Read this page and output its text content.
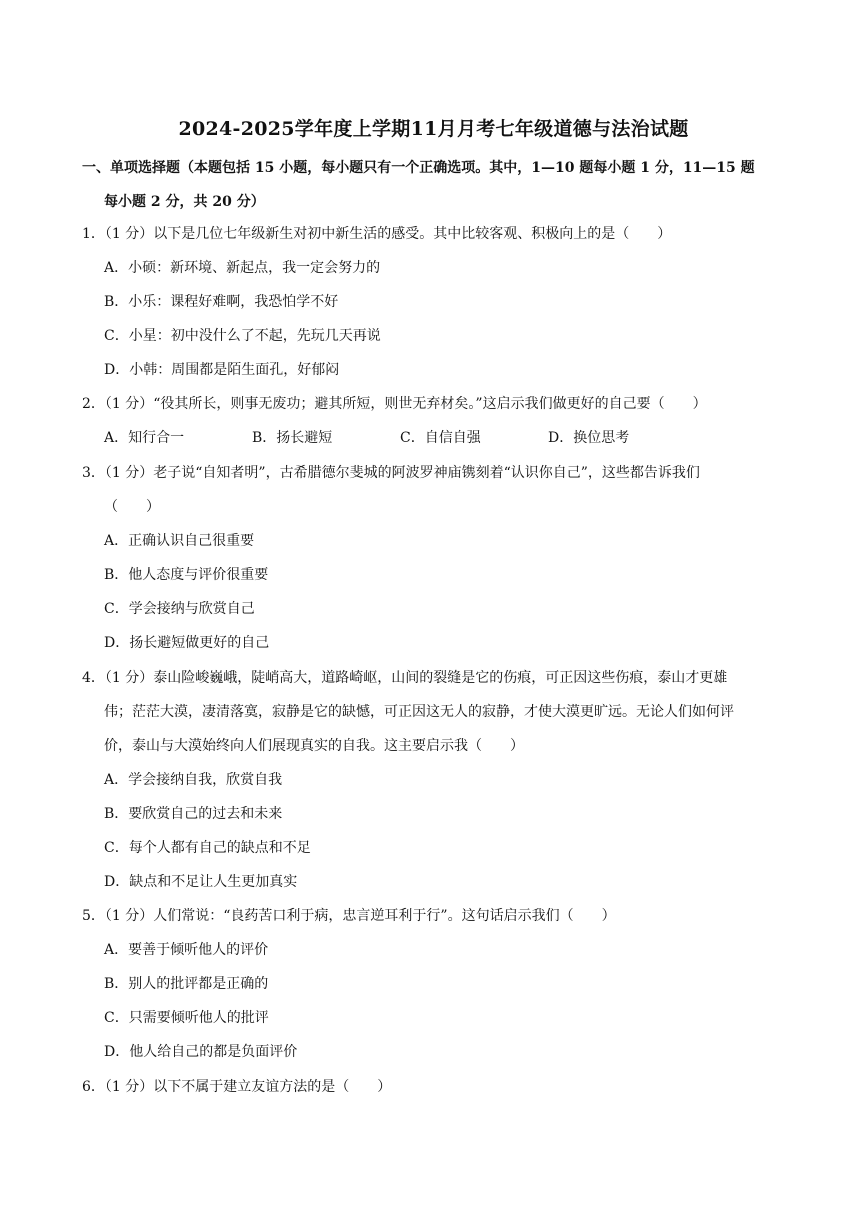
2024-2025学年度上学期11月月考七年级道德与法治试题
一、单项选择题（本题包括 15 小题，每小题只有一个正确选项。其中，1—10 题每小题 1 分，11—15 题
每小题 2 分，共 20 分）
1．（1 分）以下是几位七年级新生对初中新生活的感受。其中比较客观、积极向上的是（　　）
A．小硕：新环境、新起点，我一定会努力的
B．小乐：课程好难啊，我恐怕学不好
C．小星：初中没什么了不起，先玩几天再说
D．小韩：周围都是陌生面孔，好郁闷
2．（1 分）“役其所长，则事无废功；避其所短，则世无弃材矣。”这启示我们做更好的自己要（　　）
A．知行合一	B．扬长避短	C．自信自强	D．换位思考
3．（1 分）老子说“自知者明”，古希腊德尔斐城的阿波罗神庙镌刻着“认识你自己”，这些都告诉我们
（　　）
A．正确认识自己很重要
B．他人态度与评价很重要
C．学会接纳与欣赏自己
D．扬长避短做更好的自己
4．（1 分）泰山险峻巍峨，陡峭高大，道路崎岖，山间的裂缝是它的伤痕，可正因这些伤痕，泰山才更雄
伟；茫茫大漠，凄清落寞，寂静是它的缺憾，可正因这无人的寂静，才使大漠更旷远。无论人们如何评
价，泰山与大漠始终向人们展现真实的自我。这主要启示我（　　）
A．学会接纳自我，欣赏自我
B．要欣赏自己的过去和未来
C．每个人都有自己的缺点和不足
D．缺点和不足让人生更加真实
5．（1 分）人们常说：“良药苦口利于病，忠言逆耳利于行”。这句话启示我们（　　）
A．要善于倾听他人的评价
B．别人的批评都是正确的
C．只需要倾听他人的批评
D．他人给自己的都是负面评价
6．（1 分）以下不属于建立友谊方法的是（　　）
